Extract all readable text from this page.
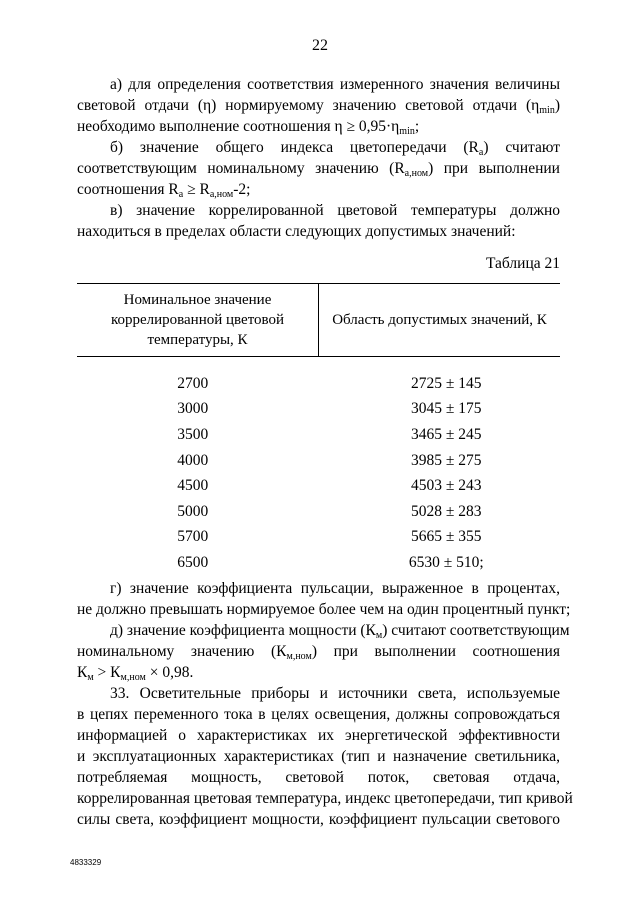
22
а) для определения соответствия измеренного значения величины
световой отдачи (η) нормируемому значению световой отдачи $(\eta_{min})$
необходимо выполнение соотношения $\eta \ge 0,95\cdot\eta_{min}$;
б) значение общего индекса цветопередачи $(R_a)$ считают
соответствующим номинальному значению $(R_{a,ном})$ при выполнении
соотношения $R_a \ge R_{a,ном}-2$;
в) значение коррелированной цветовой температуры должно
находиться в пределах области следующих допустимых значений:
Таблица 21
Номинальное значение коррелированной цветовой температуры, К	Область допустимых значений, К

2700	2725 ± 145
3000	3045 ± 175
3500	3465 ± 245
4000	3985 ± 275
4500	4503 ± 243
5000	5028 ± 283
5700	5665 ± 355
6500	6530 ± 510;
г) значение коэффициента пульсации, выраженное в процентах,
не должно превышать нормируемое более чем на один процентный пункт;
д) значение коэффициента мощности $(К_м)$ считают соответствующим
номинальному значению $(К_{м,ном})$ при выполнении соотношения
$К_м > К_{м,ном} \times 0,98$.
33. Осветительные приборы и источники света, используемые
в цепях переменного тока в целях освещения, должны сопровождаться
информацией о характеристиках их энергетической эффективности
и эксплуатационных характеристиках (тип и назначение светильника,
потребляемая мощность, световой поток, световая отдача,
коррелированная цветовая температура, индекс цветопередачи, тип кривой
силы света, коэффициент мощности, коэффициент пульсации светового
4833329
